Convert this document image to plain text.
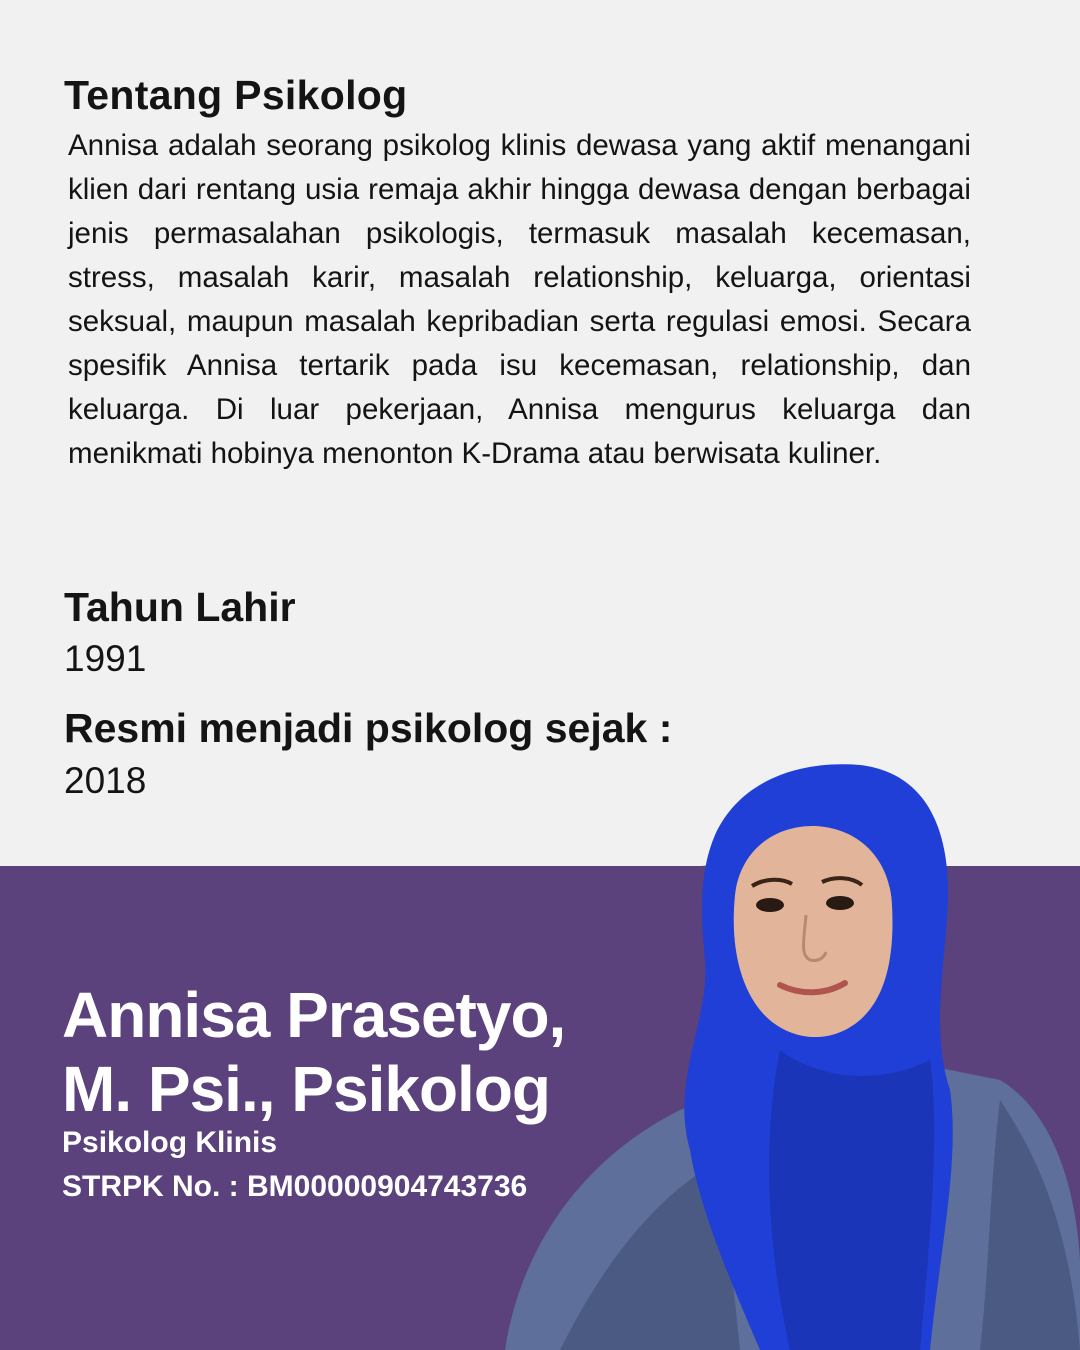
Tentang Psikolog

Annisa adalah seorang psikolog klinis dewasa yang aktif menangani klien dari rentang usia remaja akhir hingga dewasa dengan berbagai jenis permasalahan psikologis, termasuk masalah kecemasan, stress, masalah karir, masalah relationship, keluarga, orientasi seksual, maupun masalah kepribadian serta regulasi emosi. Secara spesifik Annisa tertarik pada isu kecemasan, relationship, dan keluarga. Di luar pekerjaan, Annisa mengurus keluarga dan menikmati hobinya menonton K-Drama atau berwisata kuliner.

Tahun Lahir

1991

Resmi menjadi psikolog sejak :

2018

Annisa Prasetyo,
M. Psi., Psikolog

Psikolog Klinis

STRPK No. : BM00000904743736
